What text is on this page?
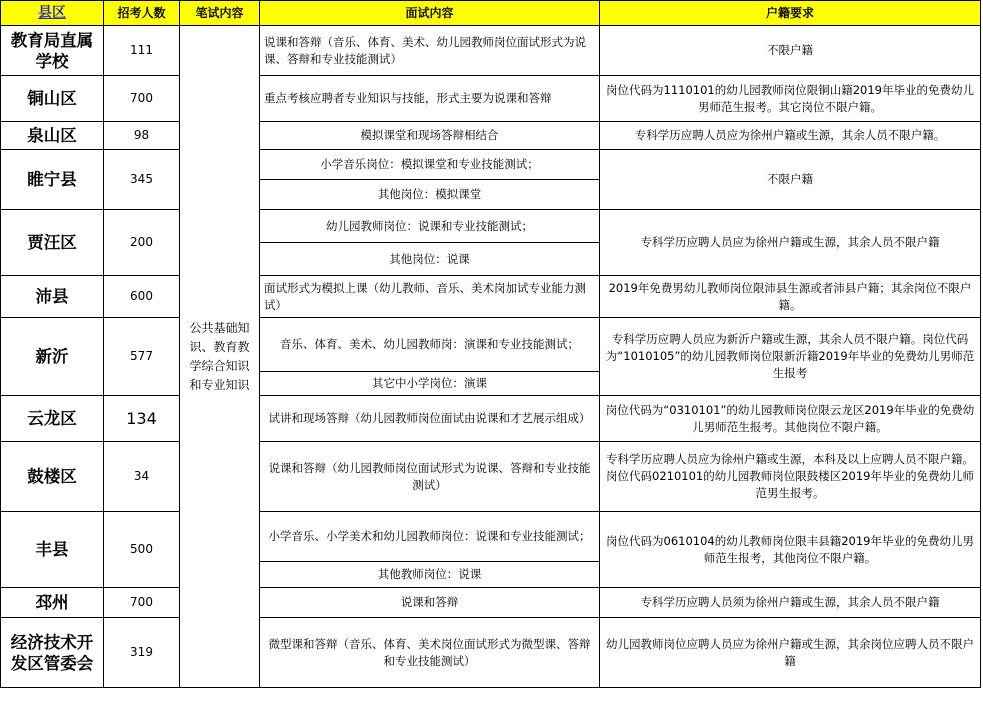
县区	招考人数	笔试内容	面试内容	户籍要求
教育局直属学校	111	公共基础知识、教育教学综合知识和专业知识	说课和答辩（音乐、体育、美术、幼儿园教师岗位面试形式为说课、答辩和专业技能测试）	不限户籍
铜山区	700		重点考核应聘者专业知识与技能，形式主要为说课和答辩	岗位代码为1110101的幼儿园教师岗位限铜山籍2019年毕业的免费幼儿男师范生报考。其它岗位不限户籍。
泉山区	98		模拟课堂和现场答辩相结合	专科学历应聘人员应为徐州户籍或生源，其余人员不限户籍。
睢宁县	345		小学音乐岗位：模拟课堂和专业技能测试；	不限户籍
			其他岗位：模拟课堂	
贾汪区	200		幼儿园教师岗位：说课和专业技能测试；	专科学历应聘人员应为徐州户籍或生源，其余人员不限户籍
			其他岗位：说课	
沛县	600		面试形式为模拟上课（幼儿教师、音乐、美术岗加试专业能力测试）	2019年免费男幼儿教师岗位限沛县生源或者沛县户籍；其余岗位不限户籍。
新沂	577		音乐、体育、美术、幼儿园教师岗：演课和专业技能测试；	专科学历应聘人员应为新沂户籍或生源，其余人员不限户籍。岗位代码为“1010105”的幼儿园教师岗位限新沂籍2019年毕业的免费幼儿男师范生报考
			其它中小学岗位：演课	
云龙区	134		试讲和现场答辩（幼儿园教师岗位面试由说课和才艺展示组成）	岗位代码为“0310101”的幼儿园教师岗位限云龙区2019年毕业的免费幼儿男师范生报考。其他岗位不限户籍。
鼓楼区	34		说课和答辩（幼儿园教师岗位面试形式为说课、答辩和专业技能测试）	专科学历应聘人员应为徐州户籍或生源，本科及以上应聘人员不限户籍。岗位代码0210101的幼儿园教师岗位限鼓楼区2019年毕业的免费幼儿师范男生报考。
丰县	500		小学音乐、小学美术和幼儿园教师岗位：说课和专业技能测试；	岗位代码为0610104的幼儿教师岗位限丰县籍2019年毕业的免费幼儿男师范生报考，其他岗位不限户籍。
			其他教师岗位：说课	
邳州	700		说课和答辩	专科学历应聘人员须为徐州户籍或生源，其余人员不限户籍
经济技术开发区管委会	319		微型课和答辩（音乐、体育、美术岗位面试形式为微型课、答辩和专业技能测试）	幼儿园教师岗位应聘人员应为徐州户籍或生源，其余岗位应聘人员不限户籍
